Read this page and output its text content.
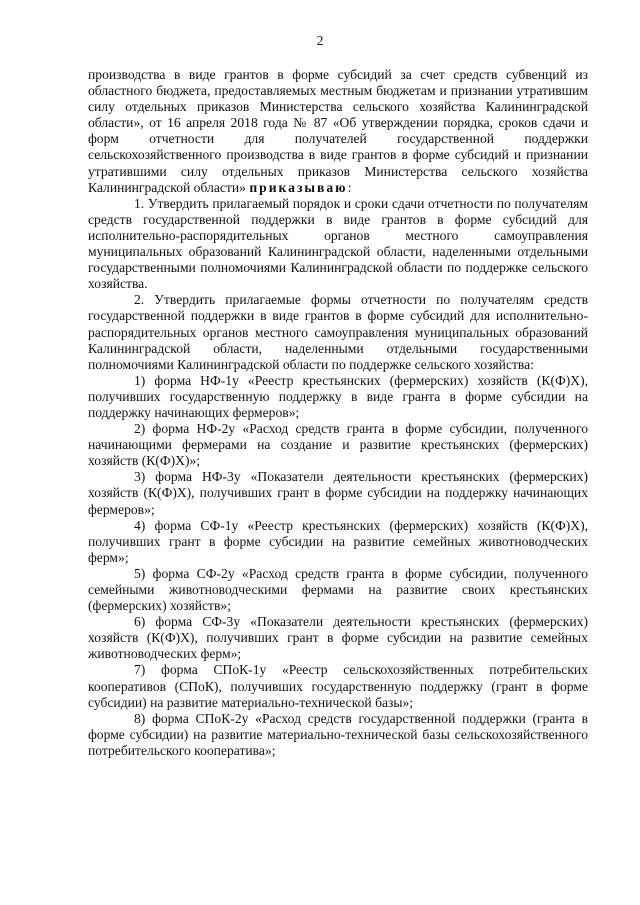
2

производства в виде грантов в форме субсидий за счет средств субвенций из областного бюджета, предоставляемых местным бюджетам и признании утратившим силу отдельных приказов Министерства сельского хозяйства Калининградской области», от 16 апреля 2018 года № 87 «Об утверждении порядка, сроков сдачи и форм отчетности для получателей государственной поддержки сельскохозяйственного производства в виде грантов в форме субсидий и признании утратившими силу отдельных приказов Министерства сельского хозяйства Калининградской области» приказываю:

1. Утвердить прилагаемый порядок и сроки сдачи отчетности по получателям средств государственной поддержки в виде грантов в форме субсидий для исполнительно-распорядительных органов местного самоуправления муниципальных образований Калининградской области, наделенными отдельными государственными полномочиями Калининградской области по поддержке сельского хозяйства.

2. Утвердить прилагаемые формы отчетности по получателям средств государственной поддержки в виде грантов в форме субсидий для исполнительно-распорядительных органов местного самоуправления муниципальных образований Калининградской области, наделенными отдельными государственными полномочиями Калининградской области по поддержке сельского хозяйства:

1) форма НФ-1у «Реестр крестьянских (фермерских) хозяйств (К(Ф)Х), получивших государственную поддержку в виде гранта в форме субсидии на поддержку начинающих фермеров»;

2) форма НФ-2у «Расход средств гранта в форме субсидии, полученного начинающими фермерами на создание и развитие крестьянских (фермерских) хозяйств (К(Ф)Х)»;

3) форма НФ-3у «Показатели деятельности крестьянских (фермерских) хозяйств (К(Ф)Х), получивших грант в форме субсидии на поддержку начинающих фермеров»;

4) форма СФ-1у «Реестр крестьянских (фермерских) хозяйств (К(Ф)Х), получивших грант в форме субсидии на развитие семейных животноводческих ферм»;

5) форма СФ-2у «Расход средств гранта в форме субсидии, полученного семейными животноводческими фермами на развитие своих крестьянских (фермерских) хозяйств»;

6) форма СФ-3у «Показатели деятельности крестьянских (фермерских) хозяйств (К(Ф)Х), получивших грант в форме субсидии на развитие семейных животноводческих ферм»;

7) форма СПоК-1у «Реестр сельскохозяйственных потребительских кооперативов (СПоК), получивших государственную поддержку (грант в форме субсидии) на развитие материально-технической базы»;

8) форма СПоК-2у «Расход средств государственной поддержки (гранта в форме субсидии) на развитие материально-технической базы сельскохозяйственного потребительского кооператива»;
